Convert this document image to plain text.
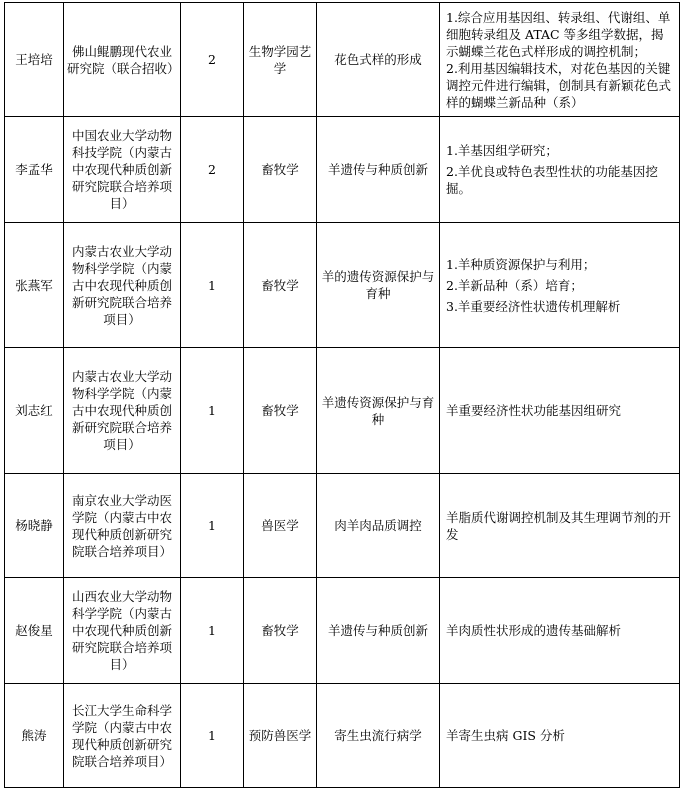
王培培	佛山鲲鹏现代农业研究院（联合招收）	2	生物学园艺学	花色式样的形成	1.综合应用基因组、转录组、代谢组、单细胞转录组及 ATAC 等多组学数据，揭示蝴蝶兰花色式样形成的调控机制；
2.利用基因编辑技术，对花色基因的关键调控元件进行编辑，创制具有新颖花色式样的蝴蝶兰新品种（系）

李孟华	中国农业大学动物科技学院（内蒙古中农现代种质创新研究院联合培养项目）	2	畜牧学	羊遗传与种质创新	1.羊基因组学研究；
2.羊优良或特色表型性状的功能基因挖掘。

张燕军	内蒙古农业大学动物科学学院（内蒙古中农现代种质创新研究院联合培养项目）	1	畜牧学	羊的遗传资源保护与育种	1.羊种质资源保护与利用；
2.羊新品种（系）培育；
3.羊重要经济性状遗传机理解析

刘志红	内蒙古农业大学动物科学学院（内蒙古中农现代种质创新研究院联合培养项目）	1	畜牧学	羊遗传资源保护与育种	羊重要经济性状功能基因组研究

杨晓静	南京农业大学动医学院（内蒙古中农现代种质创新研究院联合培养项目）	1	兽医学	肉羊肉品质调控	羊脂质代谢调控机制及其生理调节剂的开发

赵俊星	山西农业大学动物科学学院（内蒙古中农现代种质创新研究院联合培养项目）	1	畜牧学	羊遗传与种质创新	羊肉质性状形成的遗传基础解析

熊涛	长江大学生命科学学院（内蒙古中农现代种质创新研究院联合培养项目）	1	预防兽医学	寄生虫流行病学	羊寄生虫病 GIS 分析
